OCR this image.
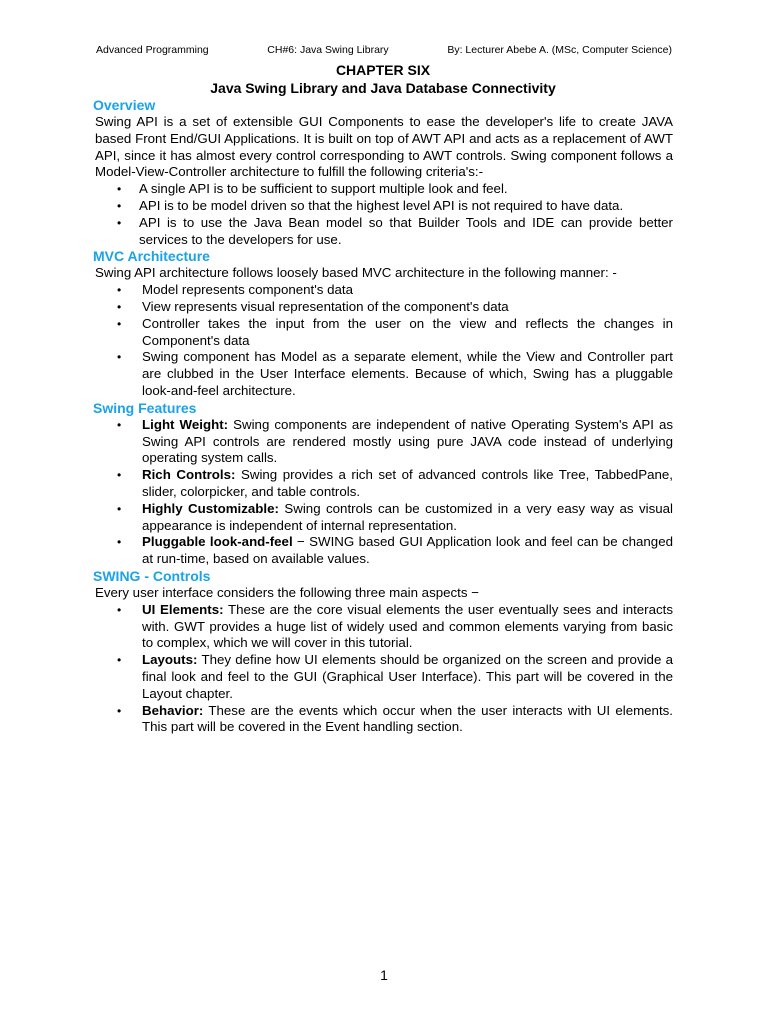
Advanced Programming	CH#6: Java Swing Library	By: Lecturer Abebe A. (MSc, Computer Science)
CHAPTER SIX
Java Swing Library and Java Database Connectivity
Overview

Swing API is a set of extensible GUI Components to ease the developer's life to create JAVA based Front End/GUI Applications. It is built on top of AWT API and acts as a replacement of AWT API, since it has almost every control corresponding to AWT controls. Swing component follows a Model-View-Controller architecture to fulfill the following criteria's:-

• A single API is to be sufficient to support multiple look and feel.
• API is to be model driven so that the highest level API is not required to have data.
• API is to use the Java Bean model so that Builder Tools and IDE can provide better services to the developers for use.
MVC Architecture

Swing API architecture follows loosely based MVC architecture in the following manner: -

• Model represents component's data
• View represents visual representation of the component's data
• Controller takes the input from the user on the view and reflects the changes in Component's data
• Swing component has Model as a separate element, while the View and Controller part are clubbed in the User Interface elements. Because of which, Swing has a pluggable look-and-feel architecture.
Swing Features
• Light Weight: Swing components are independent of native Operating System's API as Swing API controls are rendered mostly using pure JAVA code instead of underlying operating system calls.
• Rich Controls: Swing provides a rich set of advanced controls like Tree, TabbedPane, slider, colorpicker, and table controls.
• Highly Customizable: Swing controls can be customized in a very easy way as visual appearance is independent of internal representation.
• Pluggable look-and-feel − SWING based GUI Application look and feel can be changed at run-time, based on available values.
SWING - Controls

Every user interface considers the following three main aspects −

• UI Elements: These are the core visual elements the user eventually sees and interacts with. GWT provides a huge list of widely used and common elements varying from basic to complex, which we will cover in this tutorial.
• Layouts: They define how UI elements should be organized on the screen and provide a final look and feel to the GUI (Graphical User Interface). This part will be covered in the Layout chapter.
• Behavior: These are the events which occur when the user interacts with UI elements. This part will be covered in the Event handling section.
1
